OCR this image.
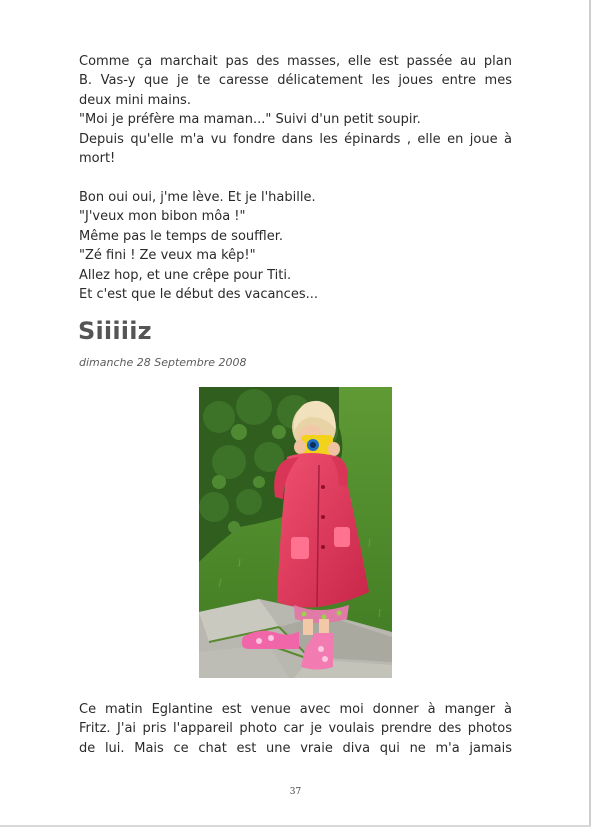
Comme ça marchait pas des masses, elle est passée au plan
B. Vas-y que je te caresse délicatement les joues entre mes
deux mini mains.
"Moi je préfère ma maman..." Suivi d'un petit soupir.
Depuis qu'elle m'a vu fondre dans les épinards , elle en joue à
mort!
Bon oui oui, j'me lève. Et je l'habille.
"J'veux mon bibon môa !"
Même pas le temps de souffler.
"Zé fini ! Ze veux ma kêp!"
Allez hop, et une crêpe pour Titi.
Et c'est que le début des vacances...
Siiiiiz
dimanche 28 Septembre 2008
Ce matin Eglantine est venue avec moi donner à manger à
Fritz. J'ai pris l'appareil photo car je voulais prendre des photos
de lui. Mais ce chat est une vraie diva qui ne m'a jamais
37
